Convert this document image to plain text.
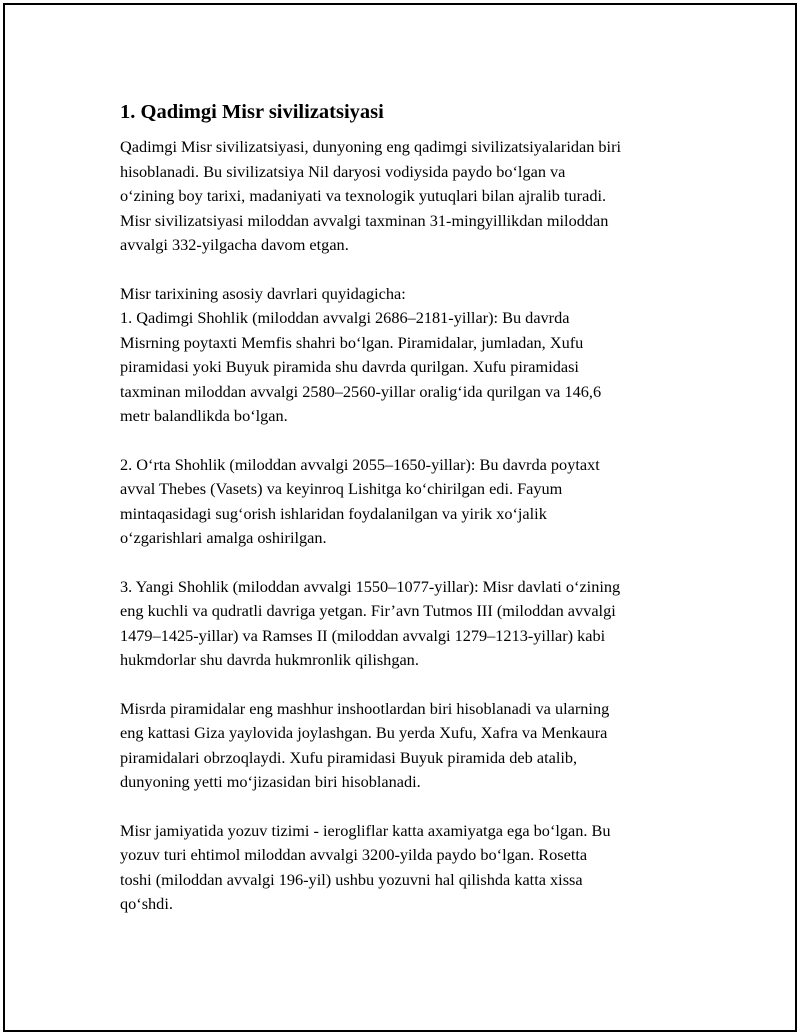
1. Qadimgi Misr sivilizatsiyasi

Qadimgi Misr sivilizatsiyasi, dunyoning eng qadimgi sivilizatsiyalaridan biri
hisoblanadi. Bu sivilizatsiya Nil daryosi vodiysida paydo bo‘lgan va
o‘zining boy tarixi, madaniyati va texnologik yutuqlari bilan ajralib turadi.
Misr sivilizatsiyasi miloddan avvalgi taxminan 31-mingyillikdan miloddan
avvalgi 332-yilgacha davom etgan.

Misr tarixining asosiy davrlari quyidagicha:
1. Qadimgi Shohlik (miloddan avvalgi 2686–2181-yillar): Bu davrda
Misrning poytaxti Memfis shahri bo‘lgan. Piramidalar, jumladan, Xufu
piramidasi yoki Buyuk piramida shu davrda qurilgan. Xufu piramidasi
taxminan miloddan avvalgi 2580–2560-yillar oralig‘ida qurilgan va 146,6
metr balandlikda bo‘lgan.

2. O‘rta Shohlik (miloddan avvalgi 2055–1650-yillar): Bu davrda poytaxt
avval Thebes (Vasets) va keyinroq Lishitga ko‘chirilgan edi. Fayum
mintaqasidagi sug‘orish ishlaridan foydalanilgan va yirik xo‘jalik
o‘zgarishlari amalga oshirilgan.

3. Yangi Shohlik (miloddan avvalgi 1550–1077-yillar): Misr davlati o‘zining
eng kuchli va qudratli davriga yetgan. Fir’avn Tutmos III (miloddan avvalgi
1479–1425-yillar) va Ramses II (miloddan avvalgi 1279–1213-yillar) kabi
hukmdorlar shu davrda hukmronlik qilishgan.

Misrda piramidalar eng mashhur inshootlardan biri hisoblanadi va ularning
eng kattasi Giza yaylovida joylashgan. Bu yerda Xufu, Xafra va Menkaura
piramidalari obrzoqlaydi. Xufu piramidasi Buyuk piramida deb atalib,
dunyoning yetti mo‘jizasidan biri hisoblanadi.

Misr jamiyatida yozuv tizimi - ierogliflar katta axamiyatga ega bo‘lgan. Bu
yozuv turi ehtimol miloddan avvalgi 3200-yilda paydo bo‘lgan. Rosetta
toshi (miloddan avvalgi 196-yil) ushbu yozuvni hal qilishda katta xissa
qo‘shdi.
